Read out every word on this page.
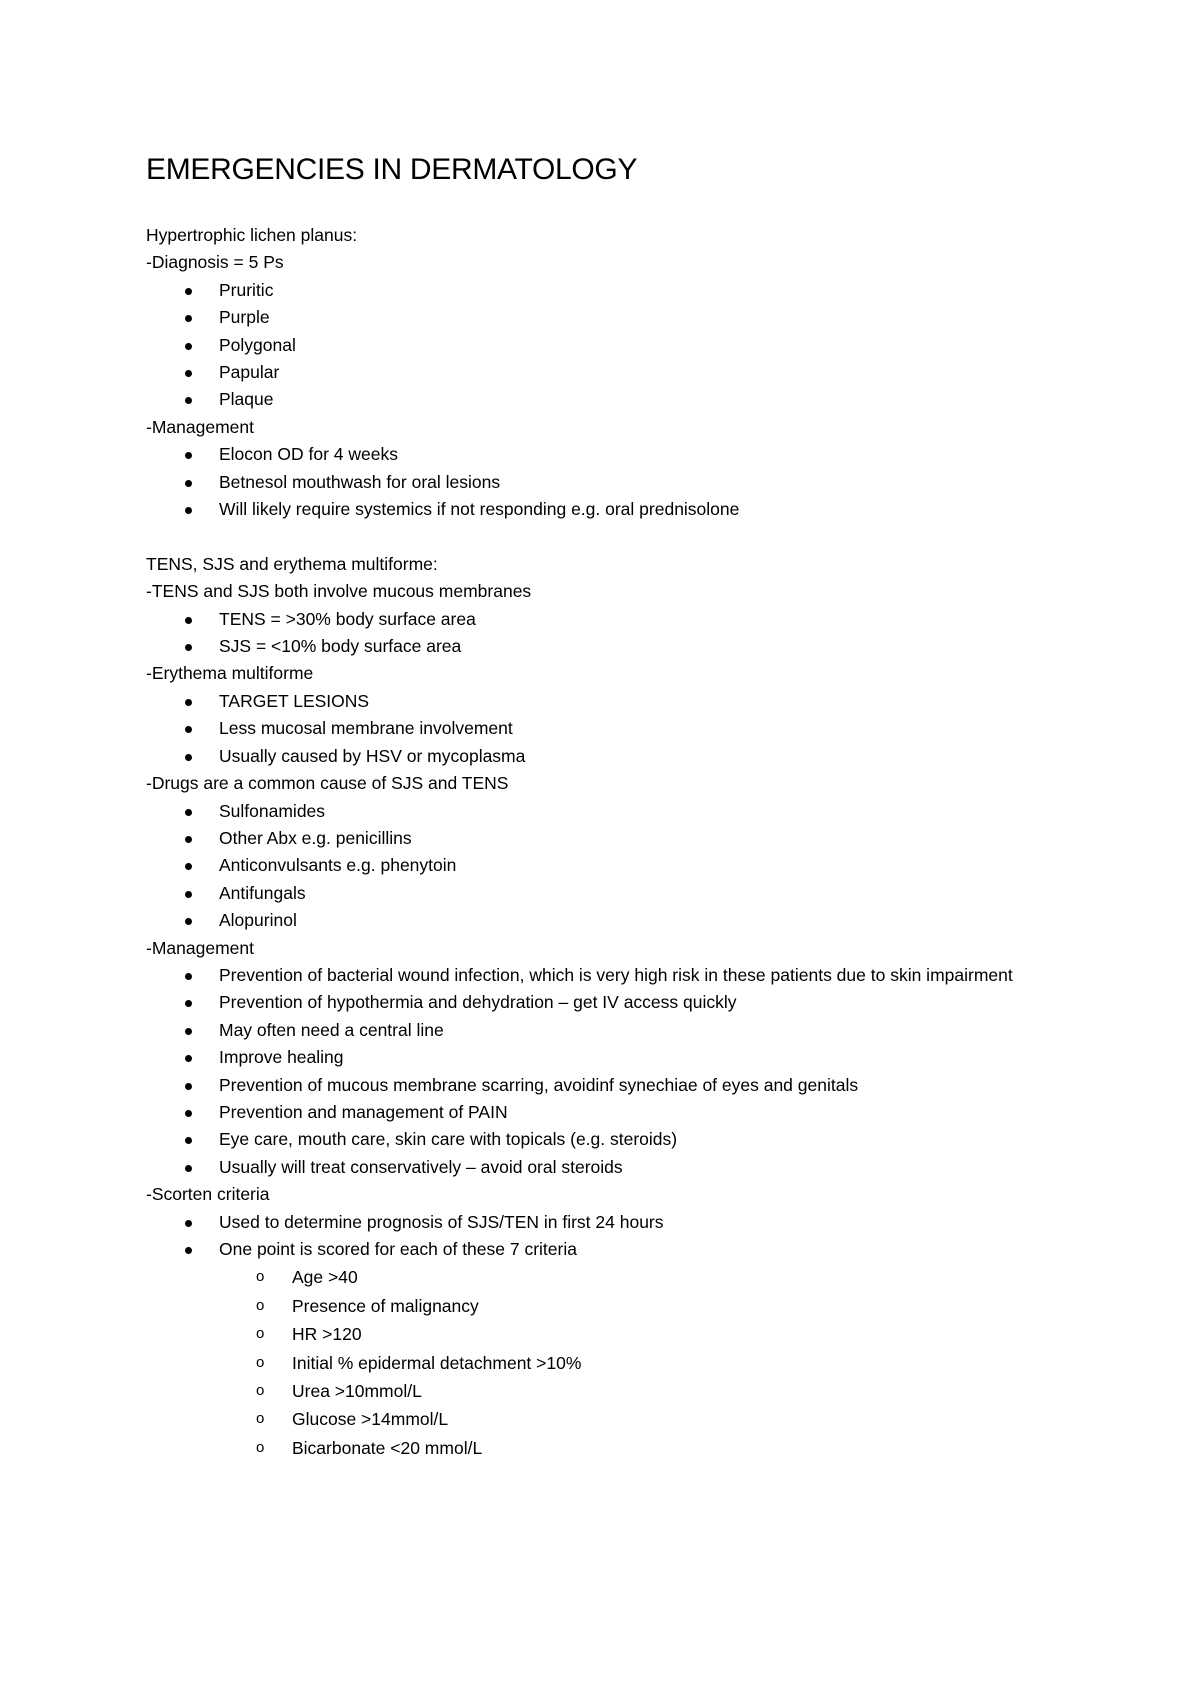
EMERGENCIES IN DERMATOLOGY

Hypertrophic lichen planus:

-Diagnosis = 5 Ps

Pruritic
Purple
Polygonal
Papular
Plaque

-Management

Elocon OD for 4 weeks
Betnesol mouthwash for oral lesions
Will likely require systemics if not responding e.g. oral prednisolone

TENS, SJS and erythema multiforme:

-TENS and SJS both involve mucous membranes

TENS = >30% body surface area
SJS = <10% body surface area

-Erythema multiforme

TARGET LESIONS
Less mucosal membrane involvement
Usually caused by HSV or mycoplasma

-Drugs are a common cause of SJS and TENS

Sulfonamides
Other Abx e.g. penicillins
Anticonvulsants e.g. phenytoin
Antifungals
Alopurinol

-Management

Prevention of bacterial wound infection, which is very high risk in these patients due to skin impairment
Prevention of hypothermia and dehydration – get IV access quickly
May often need a central line
Improve healing
Prevention of mucous membrane scarring, avoidinf synechiae of eyes and genitals
Prevention and management of PAIN
Eye care, mouth care, skin care with topicals (e.g. steroids)
Usually will treat conservatively – avoid oral steroids

-Scorten criteria

Used to determine prognosis of SJS/TEN in first 24 hours
One point is scored for each of these 7 criteria
o Age >40
o Presence of malignancy
o HR >120
o Initial % epidermal detachment >10%
o Urea >10mmol/L
o Glucose >14mmol/L
o Bicarbonate <20 mmol/L
